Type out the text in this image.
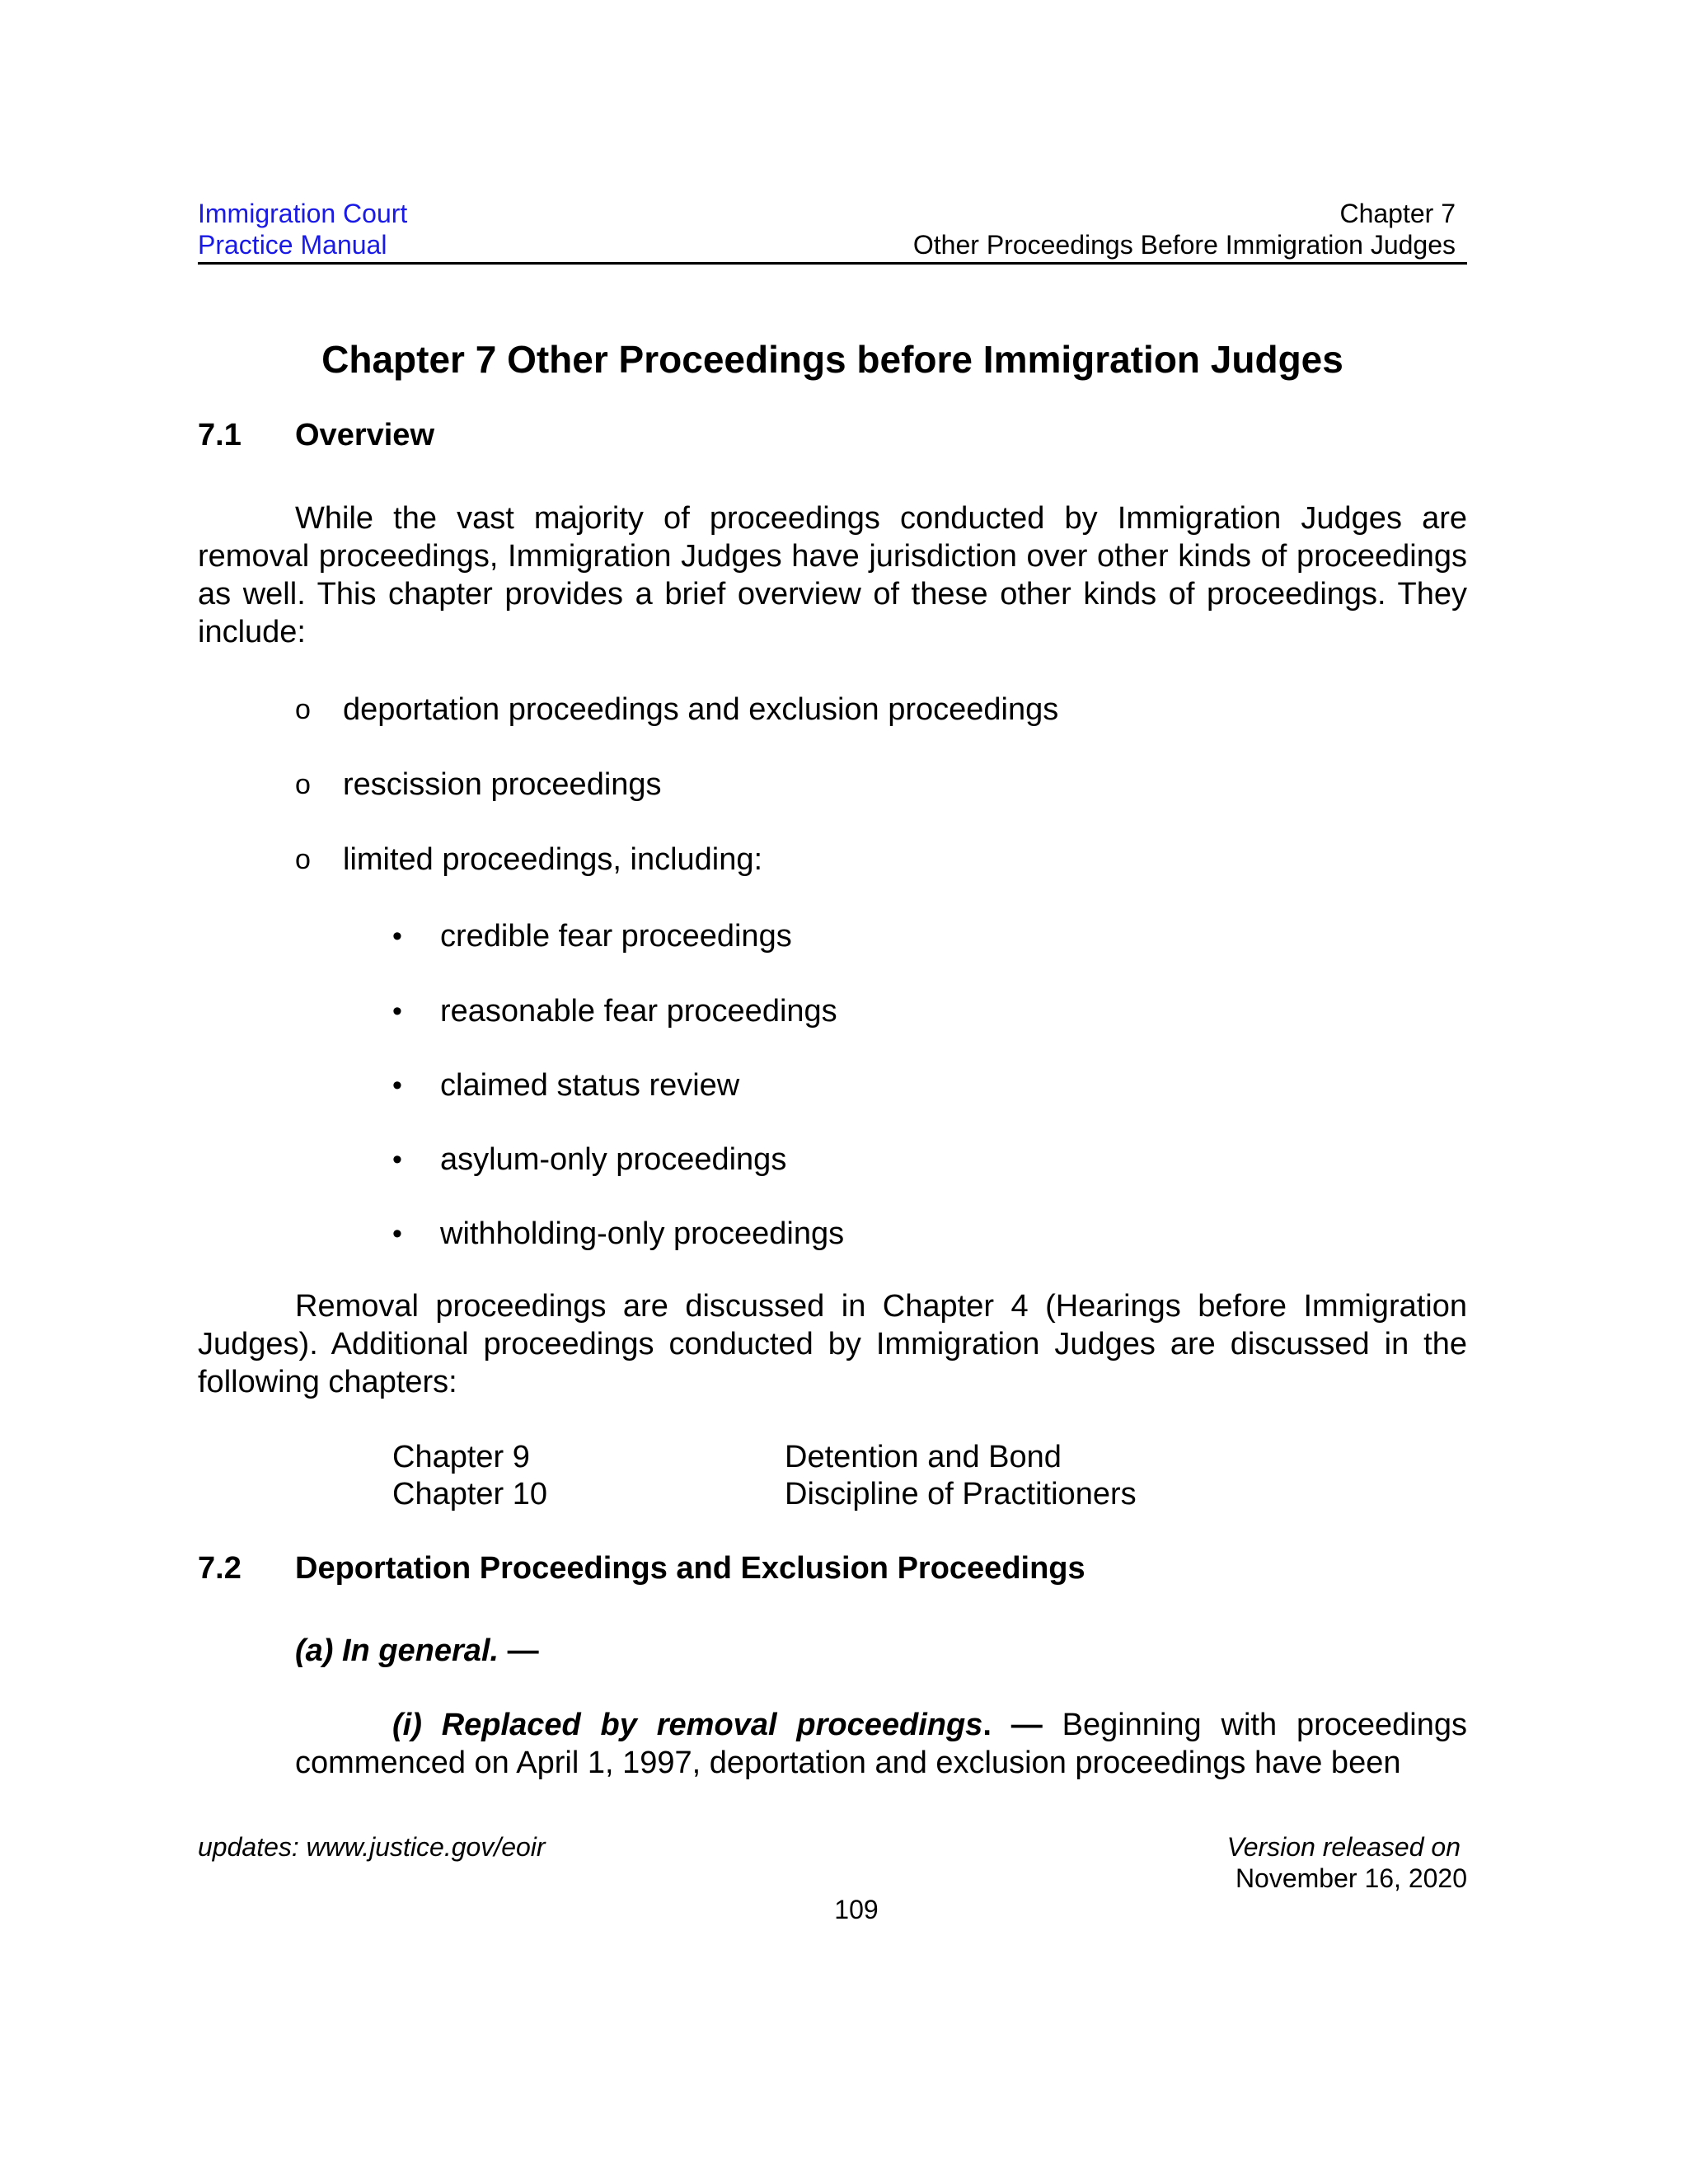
Immigration Court
Practice Manual
Chapter 7
Other Proceedings Before Immigration Judges
Chapter 7 Other Proceedings before Immigration Judges
7.1 Overview
While the vast majority of proceedings conducted by Immigration Judges are removal proceedings, Immigration Judges have jurisdiction over other kinds of proceedings as well. This chapter provides a brief overview of these other kinds of proceedings. They include:
o deportation proceedings and exclusion proceedings
o rescission proceedings
o limited proceedings, including:
• credible fear proceedings
• reasonable fear proceedings
• claimed status review
• asylum-only proceedings
• withholding-only proceedings
Removal proceedings are discussed in Chapter 4 (Hearings before Immigration Judges). Additional proceedings conducted by Immigration Judges are discussed in the following chapters:
Chapter 9	Detention and Bond
Chapter 10	Discipline of Practitioners
7.2 Deportation Proceedings and Exclusion Proceedings
(a) In general. —
(i) Replaced by removal proceedings. — Beginning with proceedings commenced on April 1, 1997, deportation and exclusion proceedings have been
updates: www.justice.gov/eoir	Version released on
November 16, 2020
109
